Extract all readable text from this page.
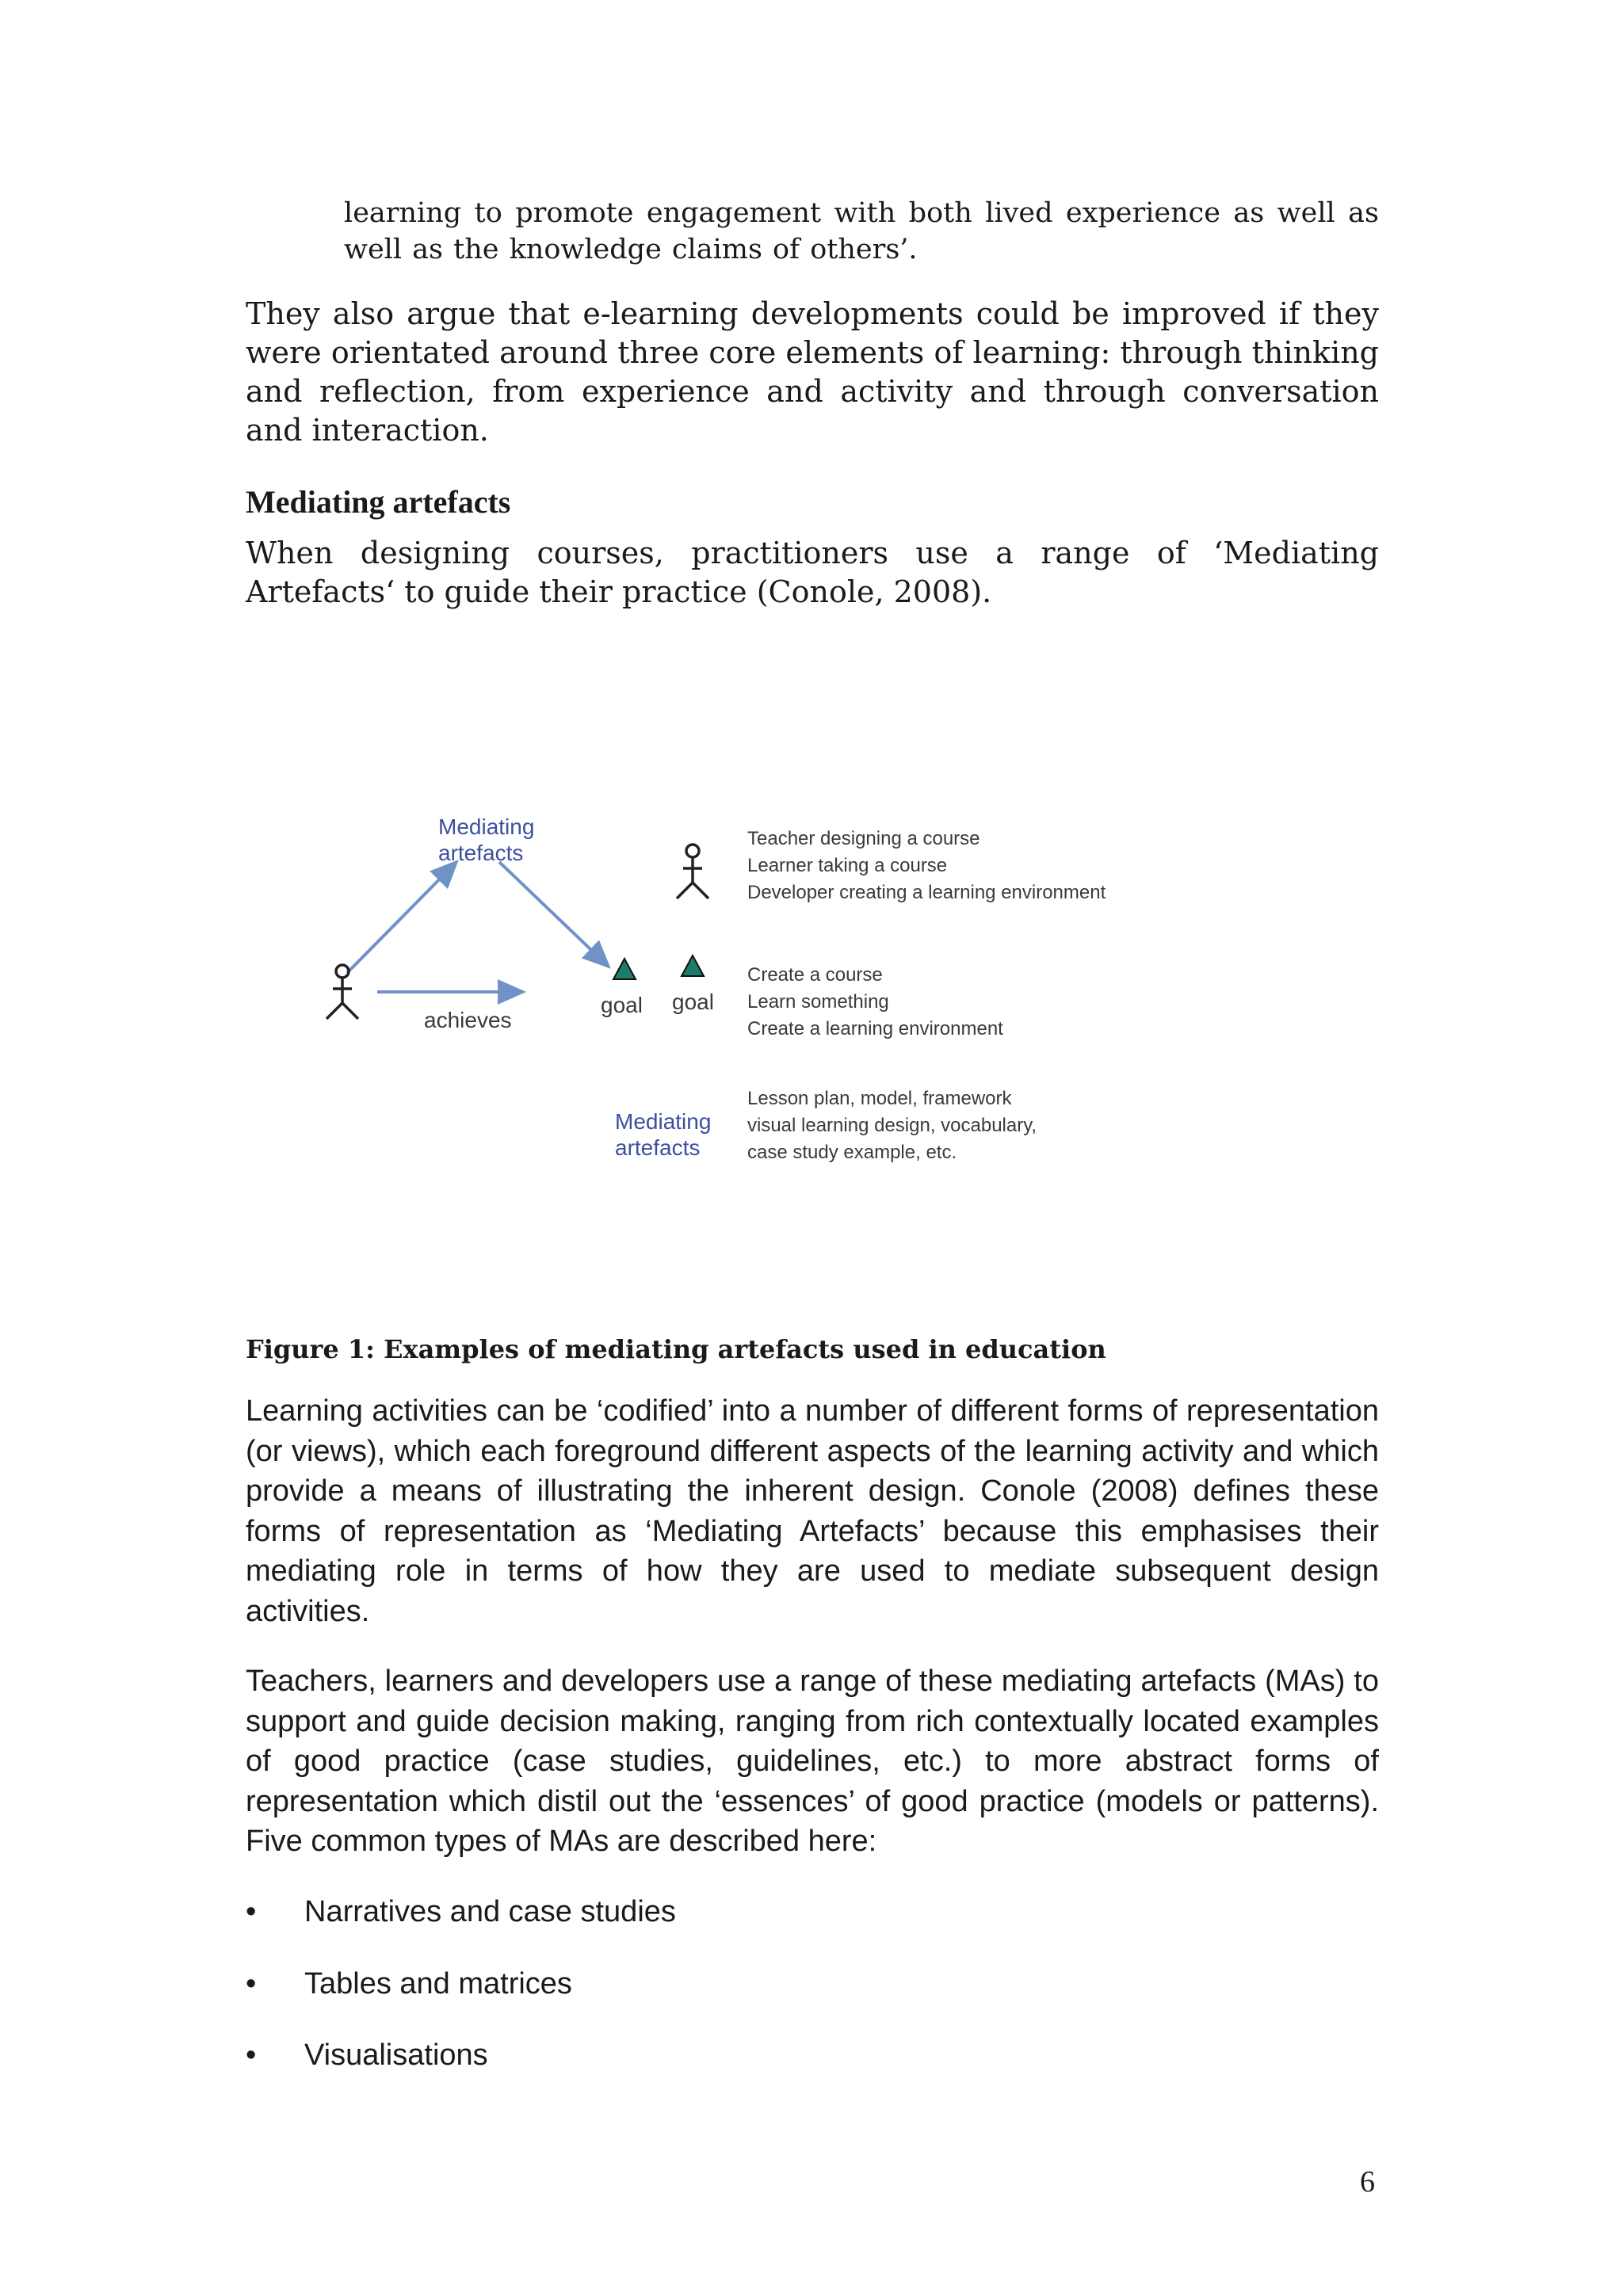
learning to promote engagement with both lived experience as well as well as the knowledge claims of others’.
They also argue that e-learning developments could be improved if they were orientated around three core elements of learning: through thinking and reflection, from experience and activity and through conversation and interaction.
Mediating artefacts
When designing courses, practitioners use a range of ‘Mediating Artefacts‘ to guide their practice (Conole, 2008).
Mediating
artefacts
achieves
goal goal
Teacher designing a course
Learner taking a course
Developer creating a learning environment
Create a course
Learn something
Create a learning environment
Mediating
artefacts
Lesson plan, model, framework
visual learning design, vocabulary,
case study example, etc.
Figure 1: Examples of mediating artefacts used in education
Learning activities can be ‘codified’ into a number of different forms of representation (or views), which each foreground different aspects of the learning activity and which provide a means of illustrating the inherent design. Conole (2008) defines these forms of representation as ‘Mediating Artefacts’ because this emphasises their mediating role in terms of how they are used to mediate subsequent design activities.
Teachers, learners and developers use a range of these mediating artefacts (MAs) to support and guide decision making, ranging from rich contextually located examples of good practice (case studies, guidelines, etc.) to more abstract forms of representation which distil out the ‘essences’ of good practice (models or patterns). Five common types of MAs are described here:
•	Narratives and case studies
•	Tables and matrices
•	Visualisations
6
